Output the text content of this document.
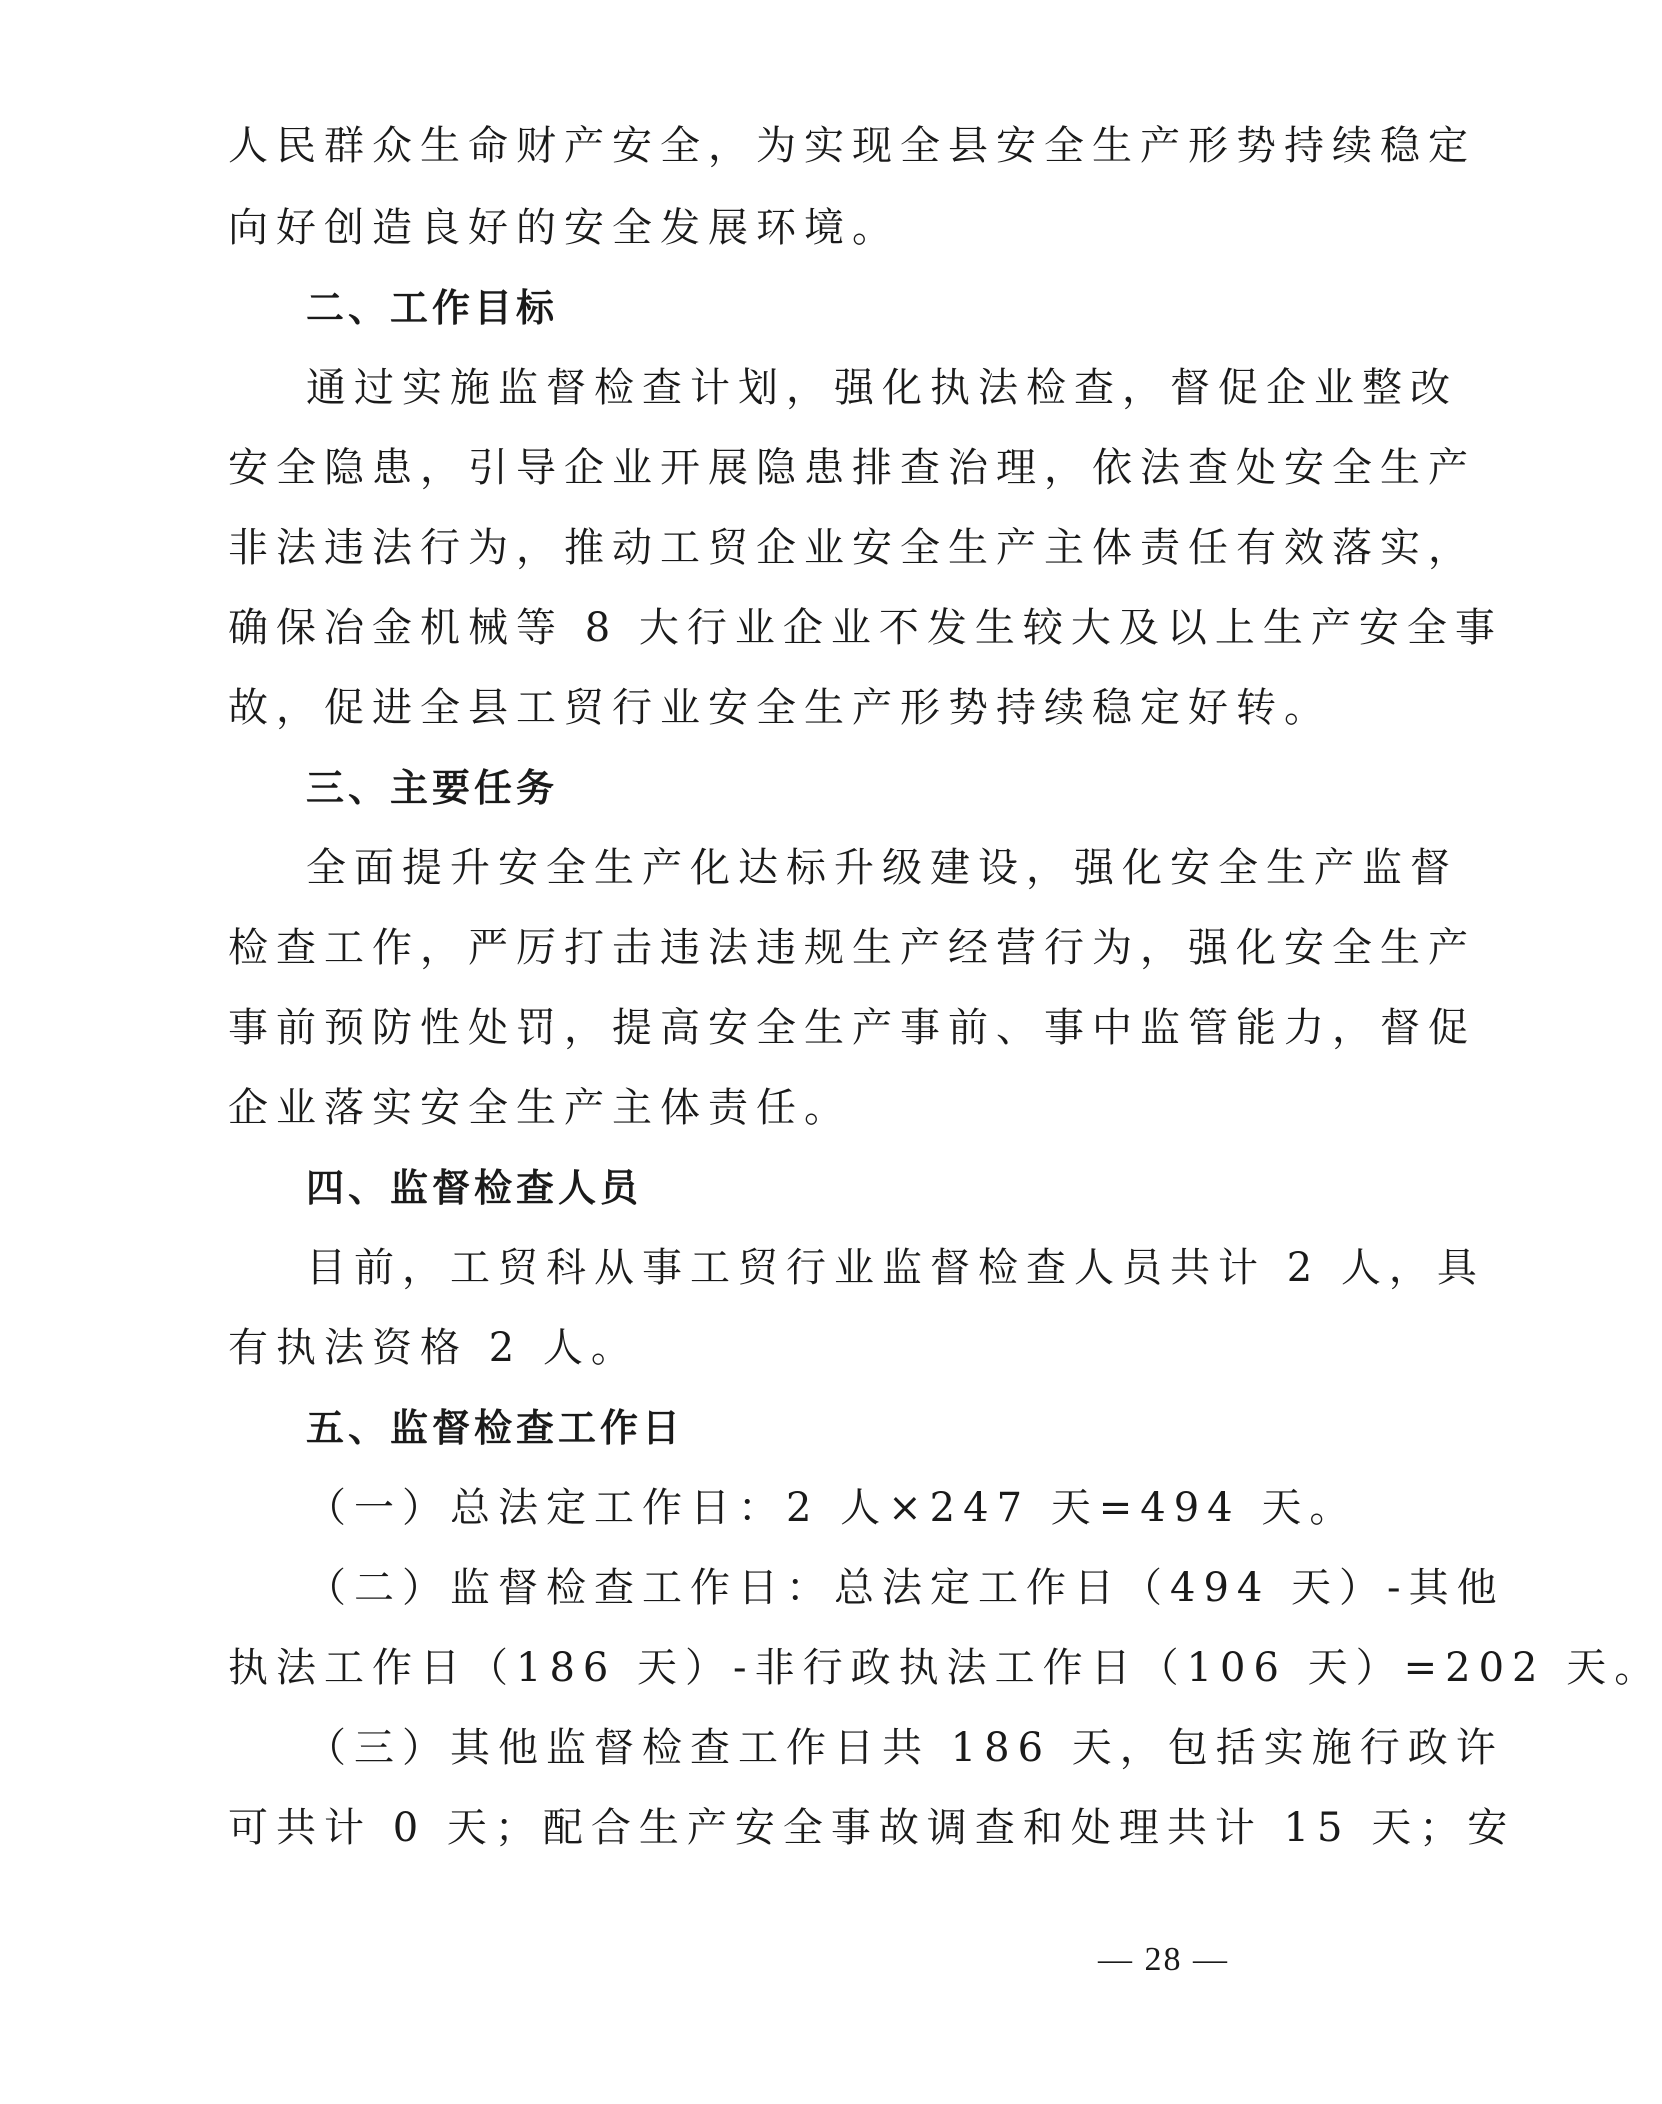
人民群众生命财产安全，为实现全县安全生产形势持续稳定
向好创造良好的安全发展环境。
二、工作目标
通过实施监督检查计划，强化执法检查，督促企业整改
安全隐患，引导企业开展隐患排查治理，依法查处安全生产
非法违法行为，推动工贸企业安全生产主体责任有效落实，
确保冶金机械等 8 大行业企业不发生较大及以上生产安全事
故，促进全县工贸行业安全生产形势持续稳定好转。
三、主要任务
全面提升安全生产化达标升级建设，强化安全生产监督
检查工作，严厉打击违法违规生产经营行为，强化安全生产
事前预防性处罚，提高安全生产事前、事中监管能力，督促
企业落实安全生产主体责任。
四、监督检查人员
目前，工贸科从事工贸行业监督检查人员共计 2 人，具
有执法资格 2 人。
五、监督检查工作日
（一）总法定工作日：2 人×247 天=494 天。
（二）监督检查工作日：总法定工作日（494 天）-其他
执法工作日（186 天）-非行政执法工作日（106 天）=202 天。
（三）其他监督检查工作日共 186 天，包括实施行政许
可共计 0 天；配合生产安全事故调查和处理共计 15 天；安
— 28 —
